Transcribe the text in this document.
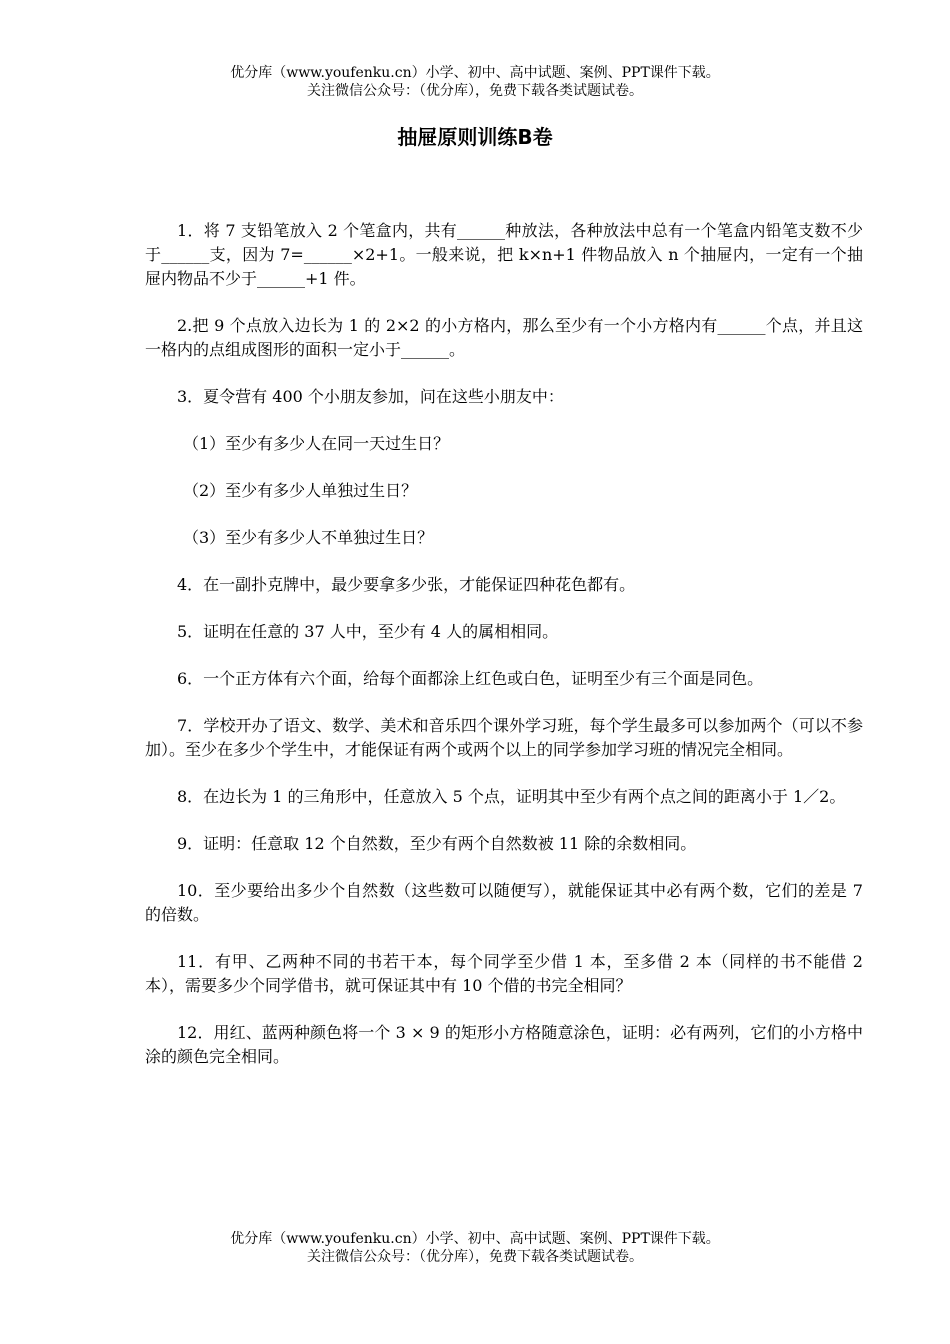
优分库（www.youfenku.cn）小学、初中、高中试题、案例、PPT课件下载。
关注微信公众号：（优分库），免费下载各类试题试卷。
抽屉原则训练B卷

1．将 7 支铅笔放入 2 个笔盒内，共有______种放法，各种放法中总有一个笔盒内铅笔支数不少于______支，因为 7=______×2+1。一般来说，把 k×n+1 件物品放入 n 个抽屉内，一定有一个抽屉内物品不少于______+1 件。

2.把 9 个点放入边长为 1 的 2×2 的小方格内，那么至少有一个小方格内有______个点，并且这一格内的点组成图形的面积一定小于______。

3．夏令营有 400 个小朋友参加，问在这些小朋友中：

（1）至少有多少人在同一天过生日？

（2）至少有多少人单独过生日？

（3）至少有多少人不单独过生日？

4．在一副扑克牌中，最少要拿多少张，才能保证四种花色都有。

5．证明在任意的 37 人中，至少有 4 人的属相相同。

6．一个正方体有六个面，给每个面都涂上红色或白色，证明至少有三个面是同色。

7．学校开办了语文、数学、美术和音乐四个课外学习班，每个学生最多可以参加两个（可以不参加）。至少在多少个学生中，才能保证有两个或两个以上的同学参加学习班的情况完全相同。

8．在边长为 1 的三角形中，任意放入 5 个点，证明其中至少有两个点之间的距离小于 1／2。

9．证明：任意取 12 个自然数，至少有两个自然数被 11 除的余数相同。

10．至少要给出多少个自然数（这些数可以随便写），就能保证其中必有两个数，它们的差是 7 的倍数。

11．有甲、乙两种不同的书若干本，每个同学至少借 1 本，至多借 2 本（同样的书不能借 2 本），需要多少个同学借书，就可保证其中有 10 个借的书完全相同？

12．用红、蓝两种颜色将一个 3 × 9 的矩形小方格随意涂色，证明：必有两列，它们的小方格中涂的颜色完全相同。

优分库（www.youfenku.cn）小学、初中、高中试题、案例、PPT课件下载。
关注微信公众号：（优分库），免费下载各类试题试卷。
